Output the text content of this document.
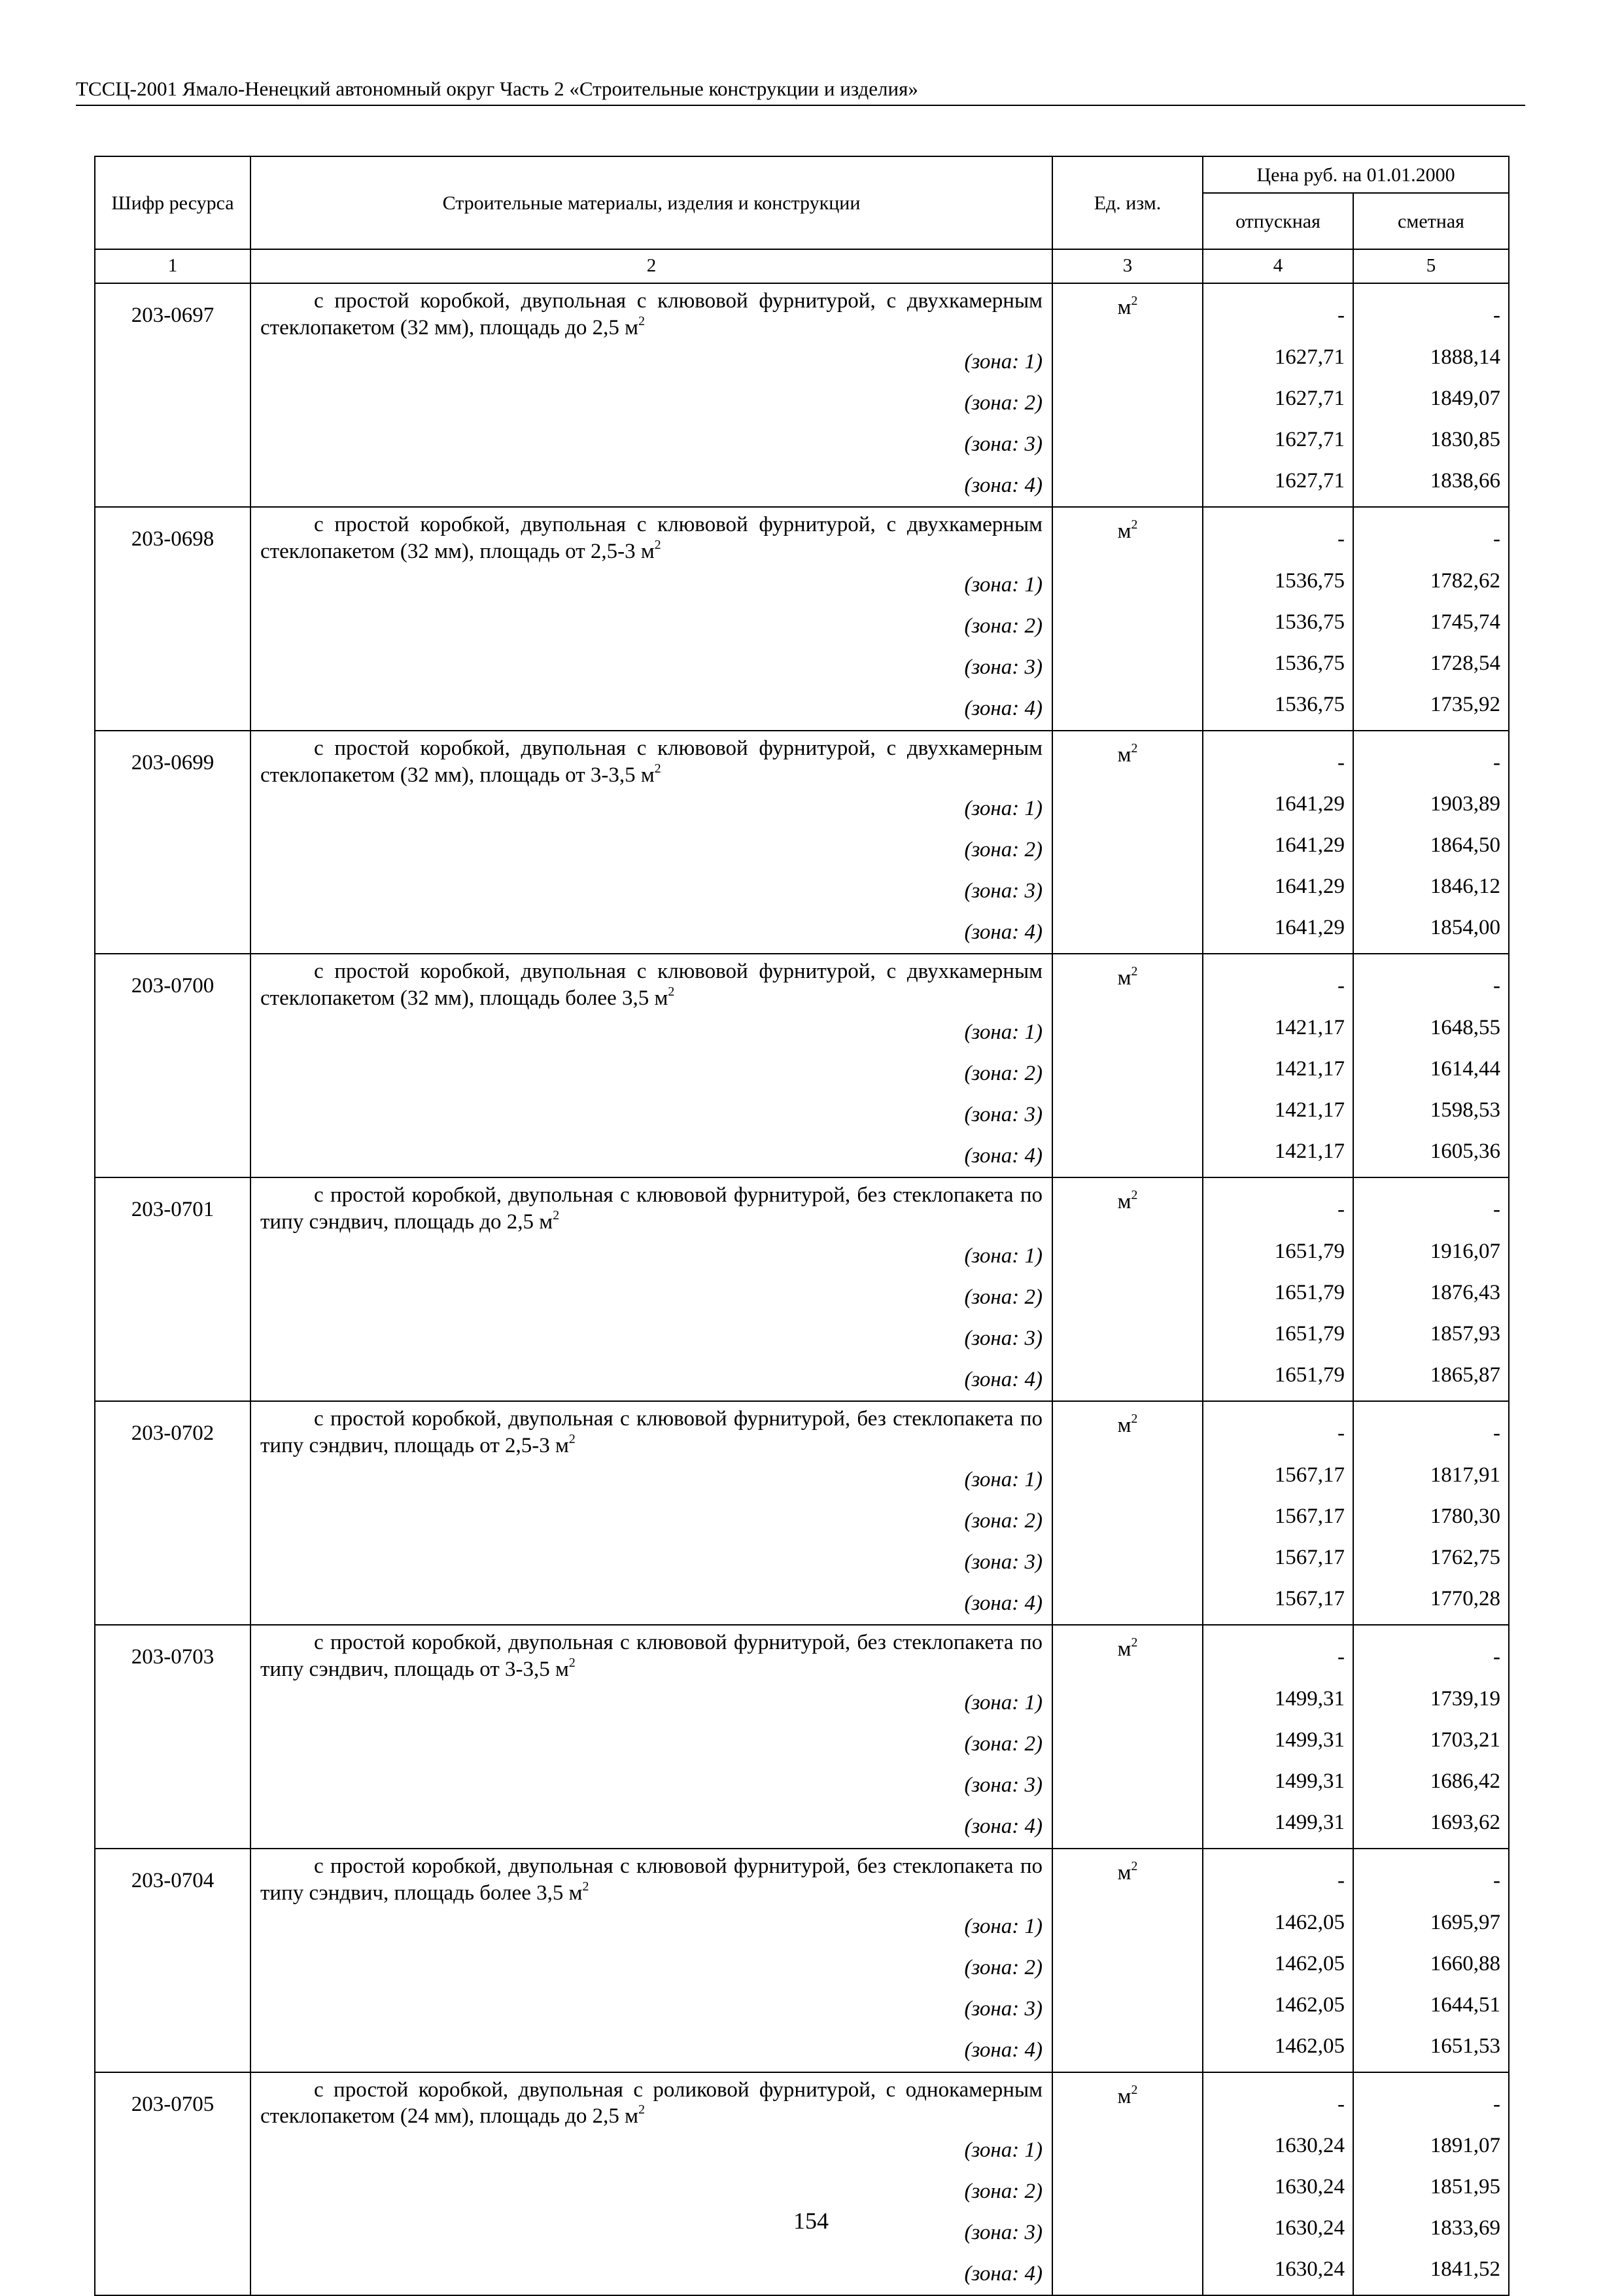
ТССЦ-2001 Ямало-Ненецкий автономный округ Часть 2 «Строительные конструкции и изделия»
Шифр ресурса	Строительные материалы, изделия и конструкции	Ед. изм.	Цена руб. на 01.01.2000	
			отпускная	сметная
1	2	3	4	5
203-0697	с простой коробкой, двупольная с клювовой фурнитурой, с двухкамерным стеклопакетом (32 мм), площадь до 2,5 $м^2$	$м^2$	-	-
	(зона: 1)		1627,71	1888,14
	(зона: 2)		1627,71	1849,07
	(зона: 3)		1627,71	1830,85
	(зона: 4)		1627,71	1838,66
203-0698	с простой коробкой, двупольная с клювовой фурнитурой, с двухкамерным стеклопакетом (32 мм), площадь от 2,5-3 $м^2$	$м^2$	-	-
	(зона: 1)		1536,75	1782,62
	(зона: 2)		1536,75	1745,74
	(зона: 3)		1536,75	1728,54
	(зона: 4)		1536,75	1735,92
203-0699	с простой коробкой, двупольная с клювовой фурнитурой, с двухкамерным стеклопакетом (32 мм), площадь от 3-3,5 $м^2$	$м^2$	-	-
	(зона: 1)		1641,29	1903,89
	(зона: 2)		1641,29	1864,50
	(зона: 3)		1641,29	1846,12
	(зона: 4)		1641,29	1854,00
203-0700	с простой коробкой, двупольная с клювовой фурнитурой, с двухкамерным стеклопакетом (32 мм), площадь более 3,5 $м^2$	$м^2$	-	-
	(зона: 1)		1421,17	1648,55
	(зона: 2)		1421,17	1614,44
	(зона: 3)		1421,17	1598,53
	(зона: 4)		1421,17	1605,36
203-0701	с простой коробкой, двупольная с клювовой фурнитурой, без стеклопакета по типу сэндвич, площадь до 2,5 $м^2$	$м^2$	-	-
	(зона: 1)		1651,79	1916,07
	(зона: 2)		1651,79	1876,43
	(зона: 3)		1651,79	1857,93
	(зона: 4)		1651,79	1865,87
203-0702	с простой коробкой, двупольная с клювовой фурнитурой, без стеклопакета по типу сэндвич, площадь от 2,5-3 $м^2$	$м^2$	-	-
	(зона: 1)		1567,17	1817,91
	(зона: 2)		1567,17	1780,30
	(зона: 3)		1567,17	1762,75
	(зона: 4)		1567,17	1770,28
203-0703	с простой коробкой, двупольная с клювовой фурнитурой, без стеклопакета по типу сэндвич, площадь от 3-3,5 $м^2$	$м^2$	-	-
	(зона: 1)		1499,31	1739,19
	(зона: 2)		1499,31	1703,21
	(зона: 3)		1499,31	1686,42
	(зона: 4)		1499,31	1693,62
203-0704	с простой коробкой, двупольная с клювовой фурнитурой, без стеклопакета по типу сэндвич, площадь более 3,5 $м^2$	$м^2$	-	-
	(зона: 1)		1462,05	1695,97
	(зона: 2)		1462,05	1660,88
	(зона: 3)		1462,05	1644,51
	(зона: 4)		1462,05	1651,53
203-0705	с простой коробкой, двупольная с роликовой фурнитурой, с однокамерным стеклопакетом (24 мм), площадь до 2,5 $м^2$	$м^2$	-	-
	(зона: 1)		1630,24	1891,07
	(зона: 2)		1630,24	1851,95
	(зона: 3)		1630,24	1833,69
	(зона: 4)		1630,24	1841,52
154
